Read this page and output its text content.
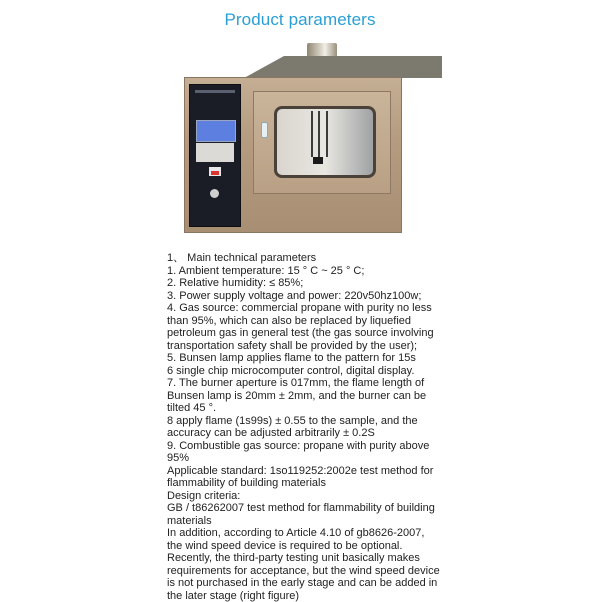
Product parameters
1、 Main technical parameters
1. Ambient temperature: 15 ° C ~ 25 ° C;
2. Relative humidity: ≤ 85%;
3. Power supply voltage and power: 220v50hz100w;
4. Gas source: commercial propane with purity no less than 95%, which can also be replaced by liquefied petroleum gas in general test (the gas source involving transportation safety shall be provided by the user);
5. Bunsen lamp applies flame to the pattern for 15s
6 single chip microcomputer control, digital display.
7. The burner aperture is 017mm, the flame length of Bunsen lamp is 20mm ± 2mm, and the burner can be tilted 45 °.
8 apply flame (1s99s) ± 0.55 to the sample, and the accuracy can be adjusted arbitrarily ± 0.2S
9. Combustible gas source: propane with purity above 95%
Applicable standard: 1so119252:2002e test method for flammability of building materials
Design criteria:
GB / t86262007 test method for flammability of building materials
In addition, according to Article 4.10 of gb8626-2007, the wind speed device is required to be optional. Recently, the third-party testing unit basically makes requirements for acceptance, but the wind speed device is not purchased in the early stage and can be added in the later stage (right figure)
